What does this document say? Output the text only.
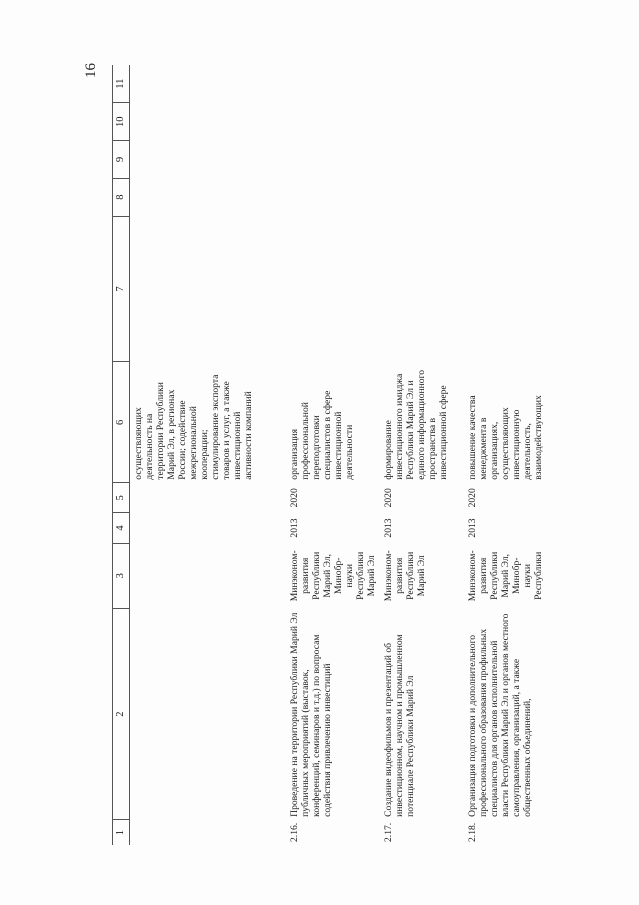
16
1	2	3	4	5	6	7	8	9	10	11
					осуществляющих деятельность на территории Республики Марий Эл, в регионах России; содействие межрегиональной кооперации; стимулирование экспорта товаров и услуг, а также инвестиционной активности компаний					
2.16.	Проведение на территории Республики Марий Эл публичных мероприятий (выставок, конференций, семинаров и т.д.) по вопросам содействия привлечению инвестиций	Минэконом-развития Республики Марий Эл, Минобр-науки Республики Марий Эл	2013	2020	организация профессиональной переподготовки специалистов в сфере инвестиционной деятельности					
2.17.	Создание видеофильмов и презентаций об инвестиционном, научном и промышленном потенциале Республики Марий Эл	Минэконом-развития Республики Марий Эл	2013	2020	формирование инвестиционного имиджа Республики Марий Эл и единого информационного пространства в инвестиционной сфере					
2.18.	Организация подготовки и дополнительного профессионального образования профильных специалистов для органов исполнительной власти Республики Марий Эл и органов местного самоуправления, организаций, а также общественных объединений,	Минэконом-развития Республики Марий Эл, Минобр-науки Республики	2013	2020	повышение качества менеджмента в организациях, осуществляющих инвестиционную деятельность, взаимодействующих					
